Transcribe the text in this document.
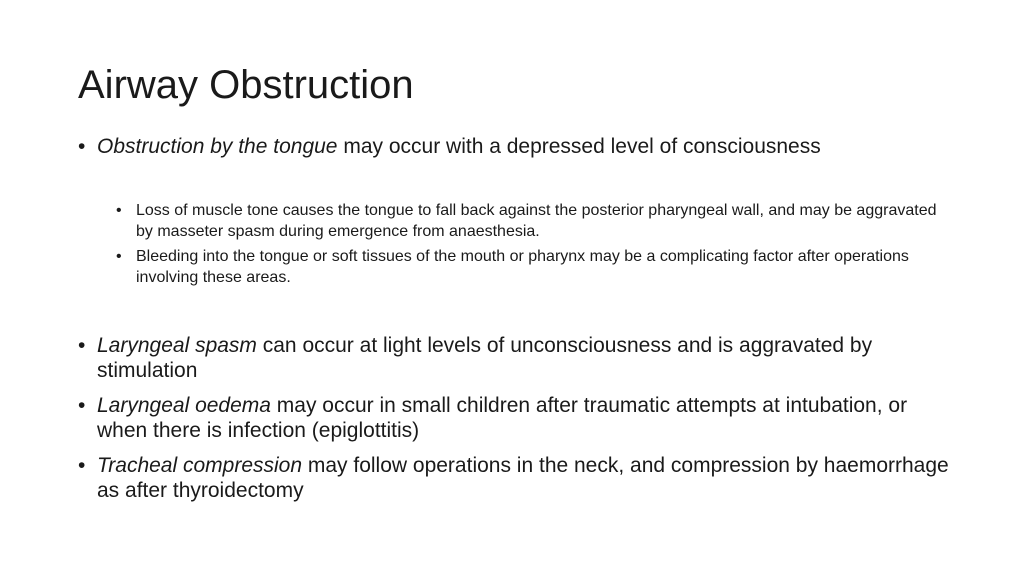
Airway Obstruction
• Obstruction by the tongue may occur with a depressed level of consciousness
• Loss of muscle tone causes the tongue to fall back against the posterior pharyngeal wall, and may be aggravated by masseter spasm during emergence from anaesthesia.
• Bleeding into the tongue or soft tissues of the mouth or pharynx may be a complicating factor after operations involving these areas.
• Laryngeal spasm can occur at light levels of unconsciousness and is aggravated by stimulation
• Laryngeal oedema may occur in small children after traumatic attempts at intubation, or when there is infection (epiglottitis)
• Tracheal compression may follow operations in the neck, and compression by haemorrhage as after thyroidectomy
